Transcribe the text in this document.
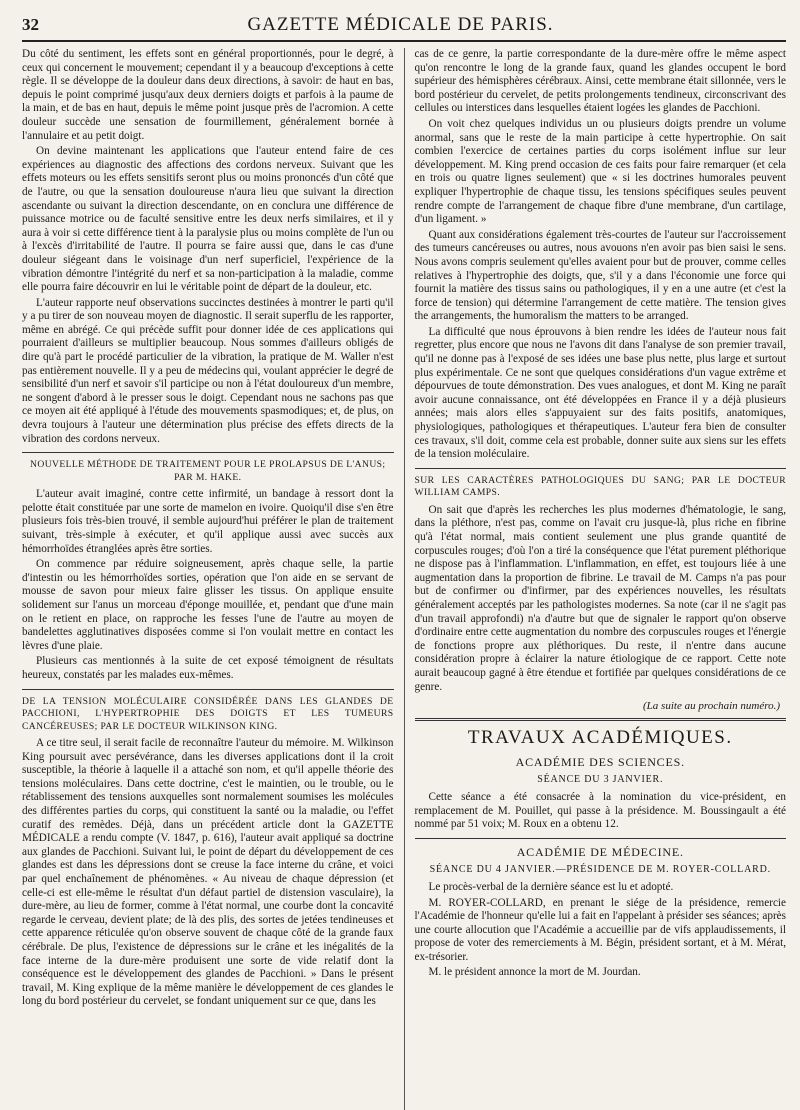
32	GAZETTE MÉDICALE DE PARIS.

Du côté du sentiment, les effets sont en général proportionnés, pour le degré, à ceux qui concernent le mouvement; cependant il y a beaucoup d'exceptions à cette règle. Il se développe de la douleur dans deux directions, à savoir: de haut en bas, depuis le point comprimé jusqu'aux deux derniers doigts et parfois à la paume de la main, et de bas en haut, depuis le même point jusque près de l'acromion. A cette douleur succède une sensation de fourmillement, généralement bornée à l'annulaire et au petit doigt.

On devine maintenant les applications que l'auteur entend faire de ces expériences au diagnostic des affections des cordons nerveux. Suivant que les effets moteurs ou les effets sensitifs seront plus ou moins prononcés d'un côté que de l'autre, ou que la sensation douloureuse n'aura lieu que suivant la direction ascendante ou suivant la direction descendante, on en conclura une différence de puissance motrice ou de faculté sensitive entre les deux nerfs similaires, et il y aura à voir si cette différence tient à la paralysie plus ou moins complète de l'un ou à l'excès d'irritabilité de l'autre. Il pourra se faire aussi que, dans le cas d'une douleur siégeant dans le voisinage d'un nerf superficiel, l'expérience de la vibration démontre l'intégrité du nerf et sa non-participation à la maladie, comme elle pourra faire découvrir en lui le véritable point de départ de la douleur, etc.

L'auteur rapporte neuf observations succinctes destinées à montrer le parti qu'il y a pu tirer de son nouveau moyen de diagnostic. Il serait superflu de les rapporter, même en abrégé. Ce qui précède suffit pour donner idée de ces applications qui pourraient d'ailleurs se multiplier beaucoup. Nous sommes d'ailleurs obligés de dire qu'à part le procédé particulier de la vibration, la pratique de M. Waller n'est pas entièrement nouvelle. Il y a peu de médecins qui, voulant apprécier le degré de sensibilité d'un nerf et savoir s'il participe ou non à l'état douloureux d'un membre, ne songent d'abord à le presser sous le doigt. Cependant nous ne sachons pas que ce moyen ait été appliqué à l'étude des mouvements spasmodiques; et, de plus, on devra toujours à l'auteur une détermination plus précise des effets directs de la vibration des cordons nerveux.

NOUVELLE MÉTHODE DE TRAITEMENT POUR LE PROLAPSUS DE L'ANUS; PAR M. HAKE.

L'auteur avait imaginé, contre cette infirmité, un bandage à ressort dont la pelotte était constituée par une sorte de mamelon en ivoire. Quoiqu'il dise s'en être plusieurs fois très-bien trouvé, il semble aujourd'hui préférer le plan de traitement suivant, très-simple à exécuter, et qu'il applique aussi avec succès aux hémorrhoïdes étranglées après être sorties.

On commence par réduire soigneusement, après chaque selle, la partie d'intestin ou les hémorrhoïdes sorties, opération que l'on aide en se servant de mousse de savon pour mieux faire glisser les tissus. On applique ensuite solidement sur l'anus un morceau d'éponge mouillée, et, pendant que d'une main on le retient en place, on rapproche les fesses l'une de l'autre au moyen de bandelettes agglutinatives disposées comme si l'on voulait mettre en contact les lèvres d'une plaie.

Plusieurs cas mentionnés à la suite de cet exposé témoignent de résultats heureux, constatés par les malades eux-mêmes.

DE LA TENSION MOLÉCULAIRE CONSIDÉRÉE DANS LES GLANDES DE PACCHIONI, L'HYPERTROPHIE DES DOIGTS ET LES TUMEURS CANCÉREUSES; PAR LE DOCTEUR WILKINSON KING.

A ce titre seul, il serait facile de reconnaître l'auteur du mémoire. M. Wilkinson King poursuit avec persévérance, dans les diverses applications dont il la croit susceptible, la théorie à laquelle il a attaché son nom, et qu'il appelle théorie des tensions moléculaires. Dans cette doctrine, c'est le maintien, ou le trouble, ou le rétablissement des tensions auxquelles sont normalement soumises les molécules des différentes parties du corps, qui constituent la santé ou la maladie, ou l'effet curatif des remèdes. Déjà, dans un précédent article dont la GAZETTE MÉDICALE a rendu compte (V. 1847, p. 616), l'auteur avait appliqué sa doctrine aux glandes de Pacchioni. Suivant lui, le point de départ du développement de ces glandes est dans les dépressions dont se creuse la face interne du crâne, et voici par quel enchaînement de phénomènes. « Au niveau de chaque dépression (et celle-ci est elle-même le résultat d'un défaut partiel de distension vasculaire), la dure-mère, au lieu de former, comme à l'état normal, une courbe dont la concavité regarde le cerveau, devient plate; de là des plis, des sortes de jetées tendineuses et cette apparence réticulée qu'on observe souvent de chaque côté de la grande faux cérébrale. De plus, l'existence de dépressions sur le crâne et les inégalités de la face interne de la dure-mère produisent une sorte de vide relatif dont la conséquence est le développement des glandes de Pacchioni. » Dans le présent travail, M. King explique de la même manière le développement de ces glandes le long du bord postérieur du cervelet, se fondant uniquement sur ce que, dans les

cas de ce genre, la partie correspondante de la dure-mère offre le même aspect qu'on rencontre le long de la grande faux, quand les glandes occupent le bord supérieur des hémisphères cérébraux. Ainsi, cette membrane était sillonnée, vers le bord postérieur du cervelet, de petits prolongements tendineux, circonscrivant des cellules ou interstices dans lesquelles étaient logées les glandes de Pacchioni.

On voit chez quelques individus un ou plusieurs doigts prendre un volume anormal, sans que le reste de la main participe à cette hypertrophie. On sait combien l'exercice de certaines parties du corps isolément influe sur leur développement. M. King prend occasion de ces faits pour faire remarquer (et cela en trois ou quatre lignes seulement) que « si les doctrines humorales peuvent expliquer l'hypertrophie de chaque tissu, les tensions spécifiques seules peuvent rendre compte de l'arrangement de chaque fibre d'une membrane, d'un cartilage, d'un ligament. »

Quant aux considérations également très-courtes de l'auteur sur l'accroissement des tumeurs cancéreuses ou autres, nous avouons n'en avoir pas bien saisi le sens. Nous avons compris seulement qu'elles avaient pour but de prouver, comme celles relatives à l'hypertrophie des doigts, que, s'il y a dans l'économie une force qui fournit la matière des tissus sains ou pathologiques, il y en a une autre (et c'est la force de tension) qui détermine l'arrangement de cette matière. The tension gives the arrangements, the humoralism the matters to be arranged.

La difficulté que nous éprouvons à bien rendre les idées de l'auteur nous fait regretter, plus encore que nous ne l'avons dit dans l'analyse de son premier travail, qu'il ne donne pas à l'exposé de ses idées une base plus nette, plus large et surtout plus expérimentale. Ce ne sont que quelques considérations d'un vague extrême et dépourvues de toute démonstration. Des vues analogues, et dont M. King ne paraît avoir aucune connaissance, ont été développées en France il y a déjà plusieurs années; mais alors elles s'appuyaient sur des faits positifs, anatomiques, physiologiques, pathologiques et thérapeutiques. L'auteur fera bien de consulter ces travaux, s'il doit, comme cela est probable, donner suite aux siens sur les effets de la tension moléculaire.

SUR LES CARACTÈRES PATHOLOGIQUES DU SANG; PAR LE DOCTEUR WILLIAM CAMPS.

On sait que d'après les recherches les plus modernes d'hématologie, le sang, dans la pléthore, n'est pas, comme on l'avait cru jusque-là, plus riche en fibrine qu'à l'état normal, mais contient seulement une plus grande quantité de corpuscules rouges; d'où l'on a tiré la conséquence que l'état purement pléthorique ne dispose pas à l'inflammation. L'inflammation, en effet, est toujours liée à une augmentation dans la proportion de fibrine. Le travail de M. Camps n'a pas pour but de confirmer ou d'infirmer, par des expériences nouvelles, les résultats généralement acceptés par les pathologistes modernes. Sa note (car il ne s'agit pas d'un travail approfondi) n'a d'autre but que de signaler le rapport qu'on observe d'ordinaire entre cette augmentation du nombre des corpuscules rouges et l'énergie de fonctions propre aux pléthoriques. Du reste, il n'entre dans aucune considération propre à éclairer la nature étiologique de ce rapport. Cette note aurait beaucoup gagné à être étendue et fortifiée par quelques considérations de ce genre.

(La suite au prochain numéro.)
TRAVAUX ACADÉMIQUES.
ACADÉMIE DES SCIENCES.
SÉANCE DU 3 JANVIER.

Cette séance a été consacrée à la nomination du vice-président, en remplacement de M. Pouillet, qui passe à la présidence. M. Boussingault a été nommé par 51 voix; M. Roux en a obtenu 12.

ACADÉMIE DE MÉDECINE.
SÉANCE DU 4 JANVIER.—PRÉSIDENCE DE M. ROYER-COLLARD.

Le procès-verbal de la dernière séance est lu et adopté.

M. ROYER-COLLARD, en prenant le siége de la présidence, remercie l'Académie de l'honneur qu'elle lui a fait en l'appelant à présider ses séances; après une courte allocution que l'Académie a accueillie par de vifs applaudissements, il propose de voter des remerciements à M. Bégin, président sortant, et à M. Mérat, ex-trésorier.

M. le président annonce la mort de M. Jourdan.
